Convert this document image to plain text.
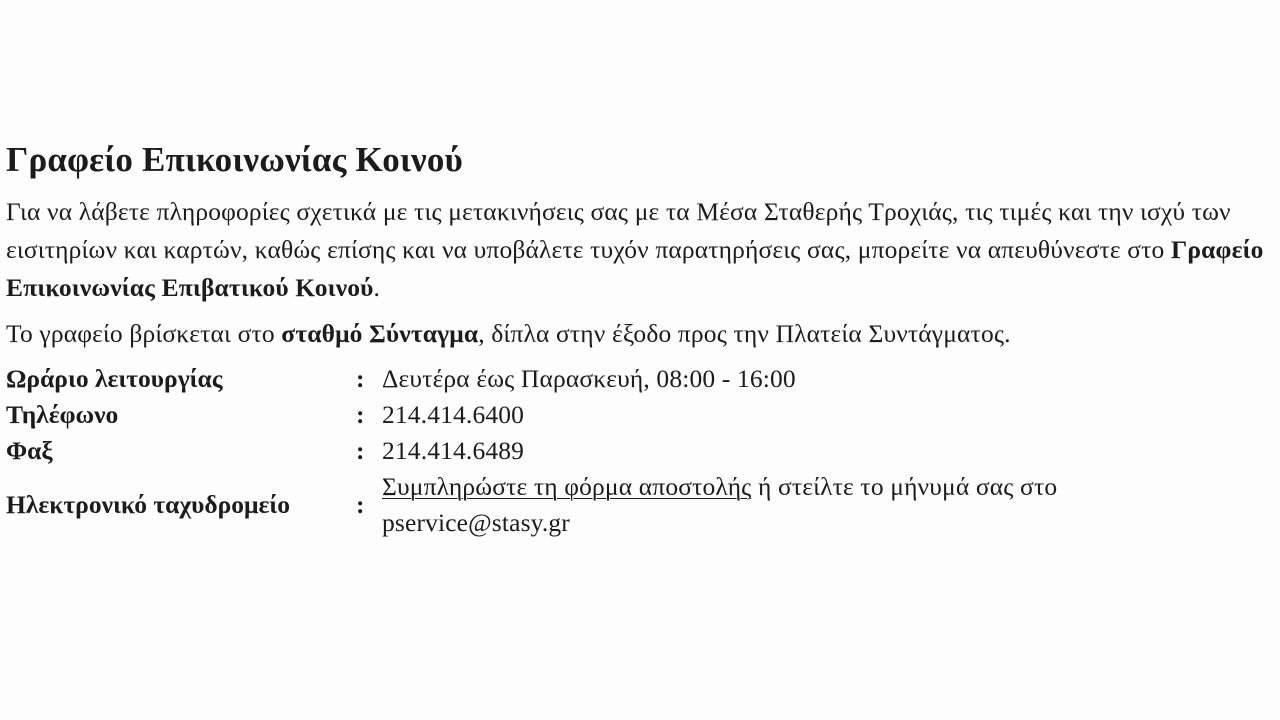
Γραφείο Επικοινωνίας Κοινού

Για να λάβετε πληροφορίες σχετικά με τις μετακινήσεις σας με τα Μέσα Σταθερής Τροχιάς, τις τιμές και την ισχύ των εισιτηρίων και καρτών, καθώς επίσης και να υποβάλετε τυχόν παρατηρήσεις σας, μπορείτε να απευθύνεστε στο Γραφείο Επικοινωνίας Επιβατικού Κοινού.

Το γραφείο βρίσκεται στο σταθμό Σύνταγμα, δίπλα στην έξοδο προς την Πλατεία Συντάγματος.

Ωράριο λειτουργίας	: Δευτέρα έως Παρασκευή, 08:00 - 16:00
Τηλέφωνο	: 214.414.6400
Φαξ	: 214.414.6489
Ηλεκτρονικό ταχυδρομείο	:
Συμπληρώστε τη φόρμα αποστολής ή στείλτε το μήνυμά σας στο
pservice@stasy.gr
